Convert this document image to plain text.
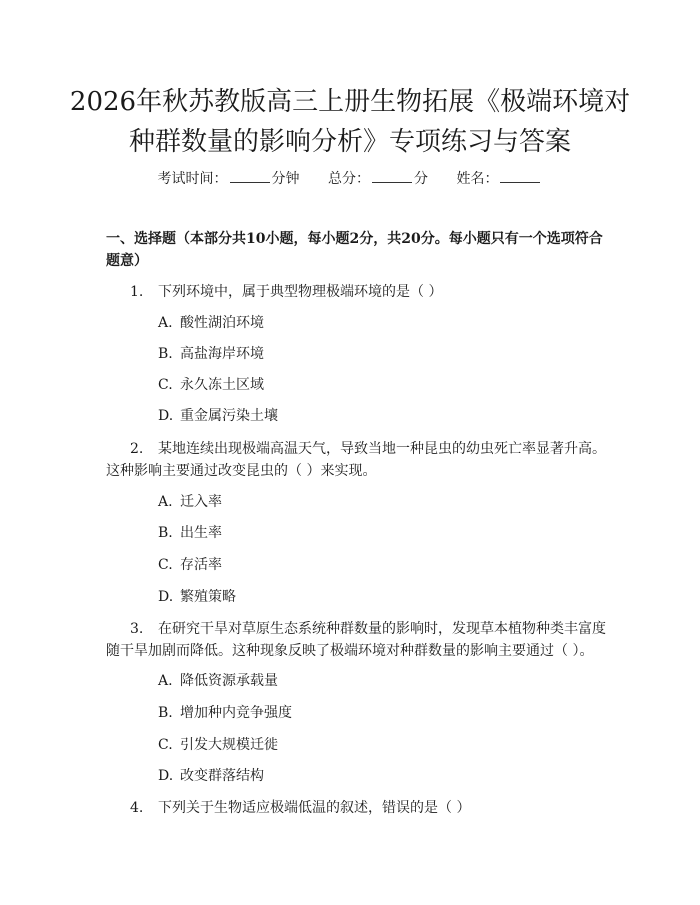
2026年秋苏教版高三上册生物拓展《极端环境对种群数量的影响分析》专项练习与答案
考试时间：	分钟 总分：	分 姓名：
一、选择题（本部分共10小题，每小题2分，共20分。每小题只有一个选项符合题意）
1. 下列环境中，属于典型物理极端环境的是（ ）
A. 酸性湖泊环境
B. 高盐海岸环境
C. 永久冻土区域
D. 重金属污染土壤
2. 某地连续出现极端高温天气，导致当地一种昆虫的幼虫死亡率显著升高。这种影响主要通过改变昆虫的（ ）来实现。
A. 迁入率
B. 出生率
C. 存活率
D. 繁殖策略
3. 在研究干旱对草原生态系统种群数量的影响时，发现草本植物种类丰富度随干旱加剧而降低。这种现象反映了极端环境对种群数量的影响主要通过（ ）。
A. 降低资源承载量
B. 增加种内竞争强度
C. 引发大规模迁徙
D. 改变群落结构
4. 下列关于生物适应极端低温的叙述，错误的是（ ）
